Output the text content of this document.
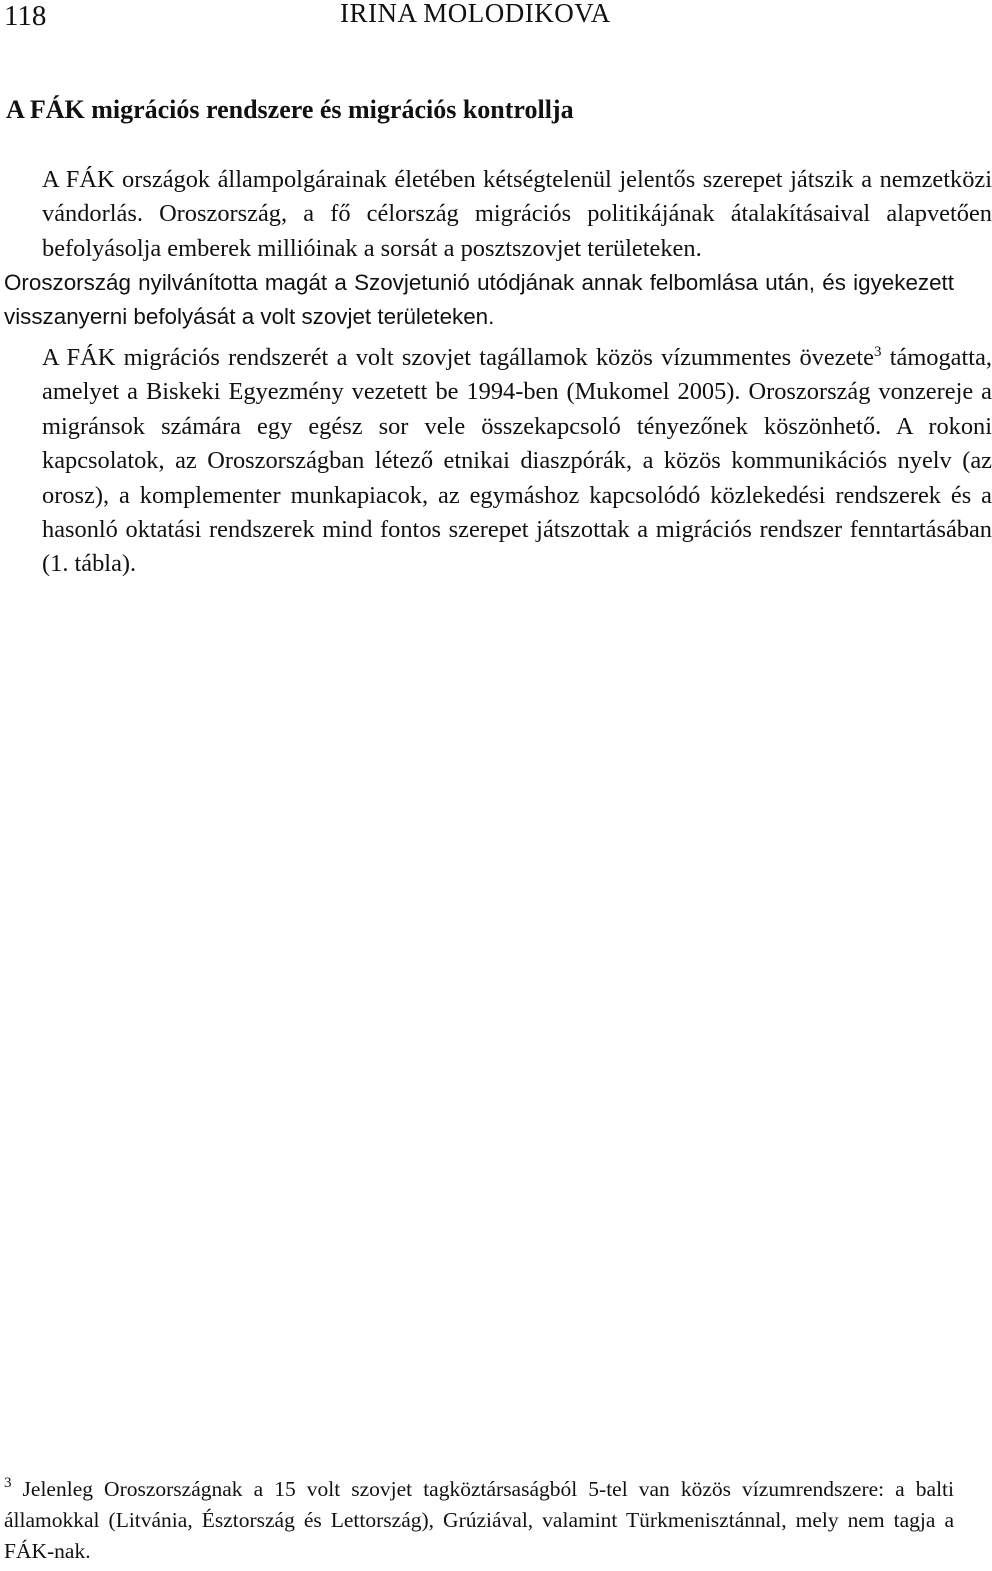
118	IRINA MOLODIKOVA
A FÁK migrációs rendszere és migrációs kontrollja

A FÁK országok állampolgárainak életében kétségtelenül jelentős szerepet játszik a nemzetközi vándorlás. Oroszország, a fő célország migrációs politikájának átalakításaival alapvetően befolyásolja emberek millióinak a sorsát a posztszovjet területeken.

Oroszország nyilvánította magát a Szovjetunió utódjának annak felbomlása után, és igyekezett visszanyerni befolyását a volt szovjet területeken.

A FÁK migrációs rendszerét a volt szovjet tagállamok közös vízummentes övezete$^3$ támogatta, amelyet a Biskeki Egyezmény vezetett be 1994-ben (Mukomel 2005). Oroszország vonzereje a migránsok számára egy egész sor vele összekapcsoló tényezőnek köszönhető. A rokoni kapcsolatok, az Oroszországban létező etnikai diaszpórák, a közös kommunikációs nyelv (az orosz), a komplementer munkapiacok, az egymáshoz kapcsolódó közlekedési rendszerek és a hasonló oktatási rendszerek mind fontos szerepet játszottak a migrációs rendszer fenntartásában (1. tábla).

$^3$ Jelenleg Oroszországnak a 15 volt szovjet tagköztársaságból 5-tel van közös vízumrendszere: a balti államokkal (Litvánia, Észtország és Lettország), Grúziával, valamint Türkmenisztánnal, mely nem tagja a FÁK-nak.
